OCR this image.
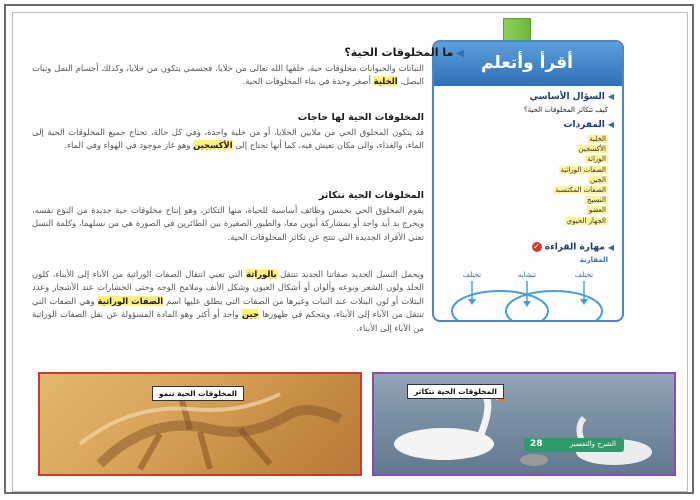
أقرأ وأتعلم
◀السؤال الأساسي
كيف تتكاثر المخلوقات الحية؟
◀المفردات
الخلية
الأكسجين
الوراثة
الصفات الوراثية
الجين
الصفات المكتسبة
النسيج
العضو
الجهاز الحيوي
◀مهارة القراءة ✓
المقارنة
تختلف	تتشابه	تختلف
◀ما المخلوقات الحية؟
النباتات والحيوانات مخلوقات حية، خلقها الله تعالى من خلايا. فجسمي يتكون من خلايا، وكذلك أجسام النمل ونبات البصل. الخلية أصغر وحدة في بناء المخلوقات الحية.
المخلوقات الحية لها حاجات
قد يتكون المخلوق الحي من ملايين الخلايا، أو من خلية واحدة، وفي كل حالة، تحتاج جميع المخلوقات الحية إلى الماء، والغذاء، والى مكان تعيش فيه، كما أنها تحتاج إلى الأكسجين وهو غاز موجود في الهواء وفي الماء.
المخلوقات الحية تتكاثر
يقوم المخلوق الحي بخمس وظائف أساسية للحياة، منها التكاثر، وهو إنتاج مخلوقات حية جديدة من النوع نفسه، ويخرج بد أيد واحد أو بمشاركة أبوين معا، والطيور الصغيرة بين الطائرين في الصورة هي من نسلهما، وكلمة النسل تعني الأفراد الجديدة التي تنتج عن تكاثر المخلوقات الحية.
ويحمل النسل الجديد صفاتنا الجديد تنتقل بالوراثة التي تعني انتقال الصفات الوراثية من الآباء إلى الأبناء، كلون الجلد ولون الشعر ونوعه وألوان أو أشكال العيون وشكل الأنف وملامح الوجه وحتى الخشارات عند الأشجار وعدد البتلات أو لون البتلات عند النبات وغيرها من الصفات التي يطلق عليها اسم الصفات الوراثية وهي الصفات التي تنتقل من الآباء إلى الأبناء، ويتحكم في ظهورها جين واحد أو أكثر وهو المادة المسؤولة عن نقل الصفات الوراثية من الآباء إلى الأبناء.
المخلوقات الحية تنمو	المخلوقات الحية تتكاثر
28	الشرح والتفسير
